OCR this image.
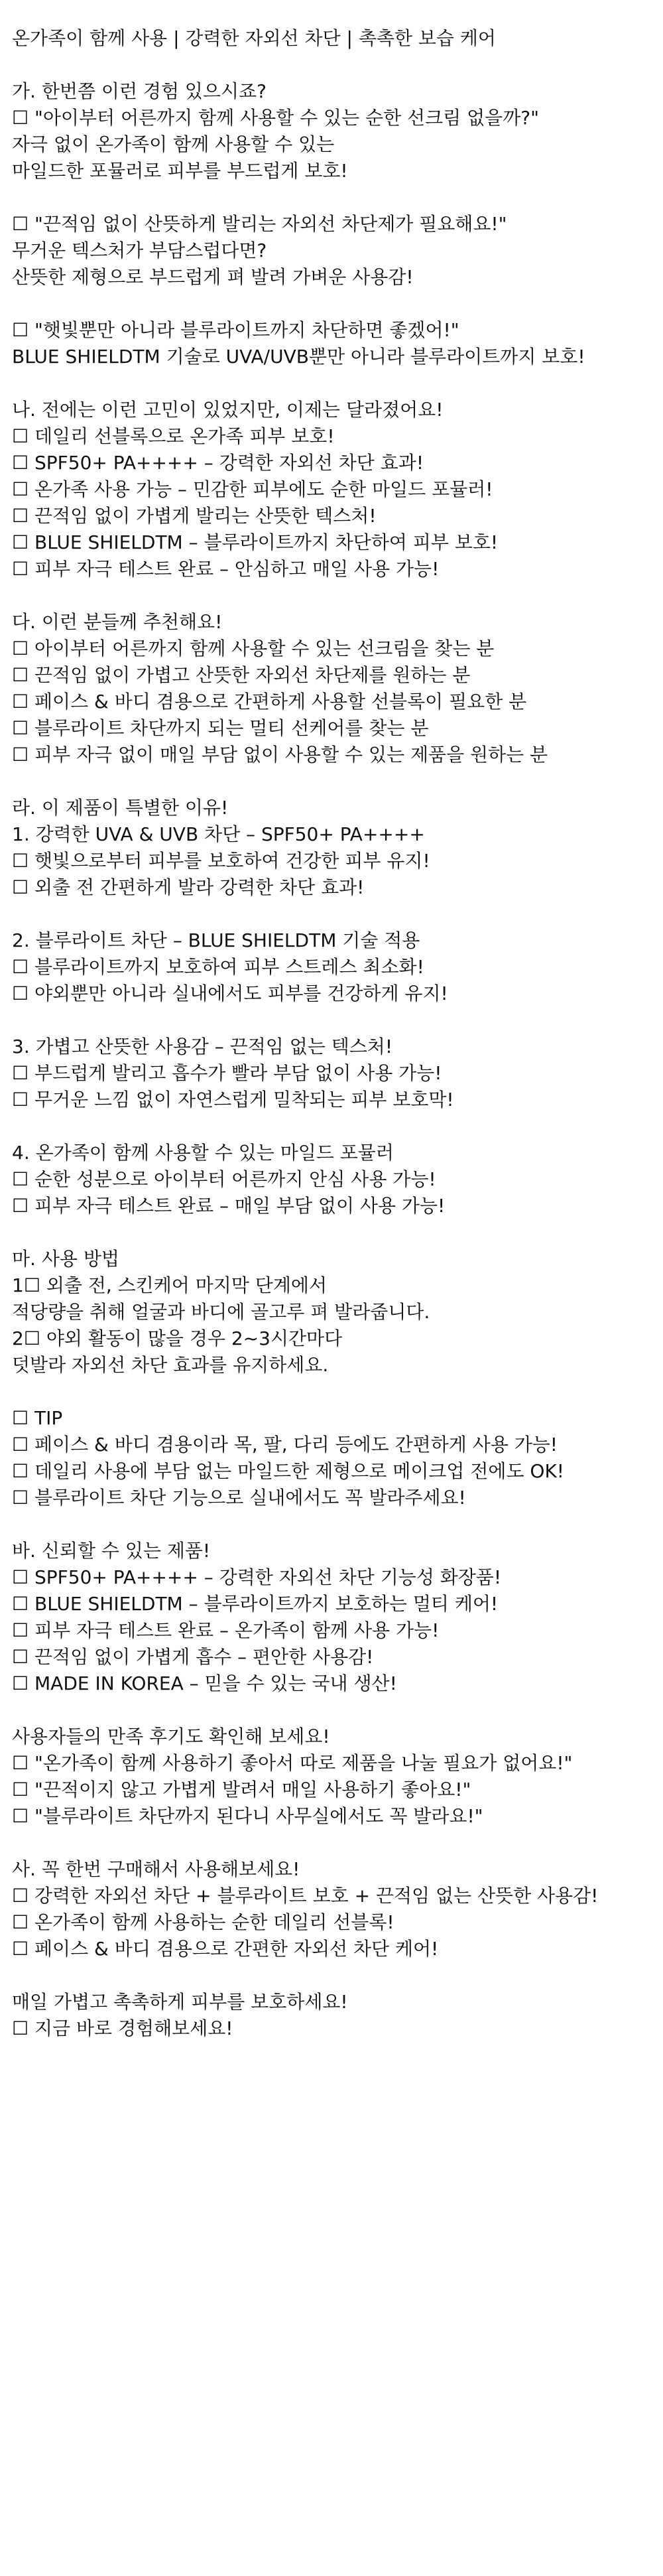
온가족이 함께 사용 | 강력한 자외선 차단 | 촉촉한 보습 케어
가. 한번쯤 이런 경험 있으시죠?
☐ "아이부터 어른까지 함께 사용할 수 있는 순한 선크림 없을까?"
자극 없이 온가족이 함께 사용할 수 있는
마일드한 포뮬러로 피부를 부드럽게 보호!
☐ "끈적임 없이 산뜻하게 발리는 자외선 차단제가 필요해요!"
무거운 텍스처가 부담스럽다면?
산뜻한 제형으로 부드럽게 펴 발려 가벼운 사용감!
☐ "햇빛뿐만 아니라 블루라이트까지 차단하면 좋겠어!"
BLUE SHIELDTM 기술로 UVA/UVB뿐만 아니라 블루라이트까지 보호!
나. 전에는 이런 고민이 있었지만, 이제는 달라졌어요!
☐ 데일리 선블록으로 온가족 피부 보호!
☐ SPF50+ PA++++ – 강력한 자외선 차단 효과!
☐ 온가족 사용 가능 – 민감한 피부에도 순한 마일드 포뮬러!
☐ 끈적임 없이 가볍게 발리는 산뜻한 텍스처!
☐ BLUE SHIELDTM – 블루라이트까지 차단하여 피부 보호!
☐ 피부 자극 테스트 완료 – 안심하고 매일 사용 가능!
다. 이런 분들께 추천해요!
☐ 아이부터 어른까지 함께 사용할 수 있는 선크림을 찾는 분
☐ 끈적임 없이 가볍고 산뜻한 자외선 차단제를 원하는 분
☐ 페이스 & 바디 겸용으로 간편하게 사용할 선블록이 필요한 분
☐ 블루라이트 차단까지 되는 멀티 선케어를 찾는 분
☐ 피부 자극 없이 매일 부담 없이 사용할 수 있는 제품을 원하는 분
라. 이 제품이 특별한 이유!
1. 강력한 UVA & UVB 차단 – SPF50+ PA++++
☐ 햇빛으로부터 피부를 보호하여 건강한 피부 유지!
☐ 외출 전 간편하게 발라 강력한 차단 효과!
2. 블루라이트 차단 – BLUE SHIELDTM 기술 적용
☐ 블루라이트까지 보호하여 피부 스트레스 최소화!
☐ 야외뿐만 아니라 실내에서도 피부를 건강하게 유지!
3. 가볍고 산뜻한 사용감 – 끈적임 없는 텍스처!
☐ 부드럽게 발리고 흡수가 빨라 부담 없이 사용 가능!
☐ 무거운 느낌 없이 자연스럽게 밀착되는 피부 보호막!
4. 온가족이 함께 사용할 수 있는 마일드 포뮬러
☐ 순한 성분으로 아이부터 어른까지 안심 사용 가능!
☐ 피부 자극 테스트 완료 – 매일 부담 없이 사용 가능!
마. 사용 방법
1☐ 외출 전, 스킨케어 마지막 단계에서
적당량을 취해 얼굴과 바디에 골고루 펴 발라줍니다.
2☐ 야외 활동이 많을 경우 2~3시간마다
덧발라 자외선 차단 효과를 유지하세요.
☐ TIP
☐ 페이스 & 바디 겸용이라 목, 팔, 다리 등에도 간편하게 사용 가능!
☐ 데일리 사용에 부담 없는 마일드한 제형으로 메이크업 전에도 OK!
☐ 블루라이트 차단 기능으로 실내에서도 꼭 발라주세요!
바. 신뢰할 수 있는 제품!
☐ SPF50+ PA++++ – 강력한 자외선 차단 기능성 화장품!
☐ BLUE SHIELDTM – 블루라이트까지 보호하는 멀티 케어!
☐ 피부 자극 테스트 완료 – 온가족이 함께 사용 가능!
☐ 끈적임 없이 가볍게 흡수 – 편안한 사용감!
☐ MADE IN KOREA – 믿을 수 있는 국내 생산!
사용자들의 만족 후기도 확인해 보세요!
☐ "온가족이 함께 사용하기 좋아서 따로 제품을 나눌 필요가 없어요!"
☐ "끈적이지 않고 가볍게 발려서 매일 사용하기 좋아요!"
☐ "블루라이트 차단까지 된다니 사무실에서도 꼭 발라요!"
사. 꼭 한번 구매해서 사용해보세요!
☐ 강력한 자외선 차단 + 블루라이트 보호 + 끈적임 없는 산뜻한 사용감!
☐ 온가족이 함께 사용하는 순한 데일리 선블록!
☐ 페이스 & 바디 겸용으로 간편한 자외선 차단 케어!
매일 가볍고 촉촉하게 피부를 보호하세요!
☐ 지금 바로 경험해보세요!
